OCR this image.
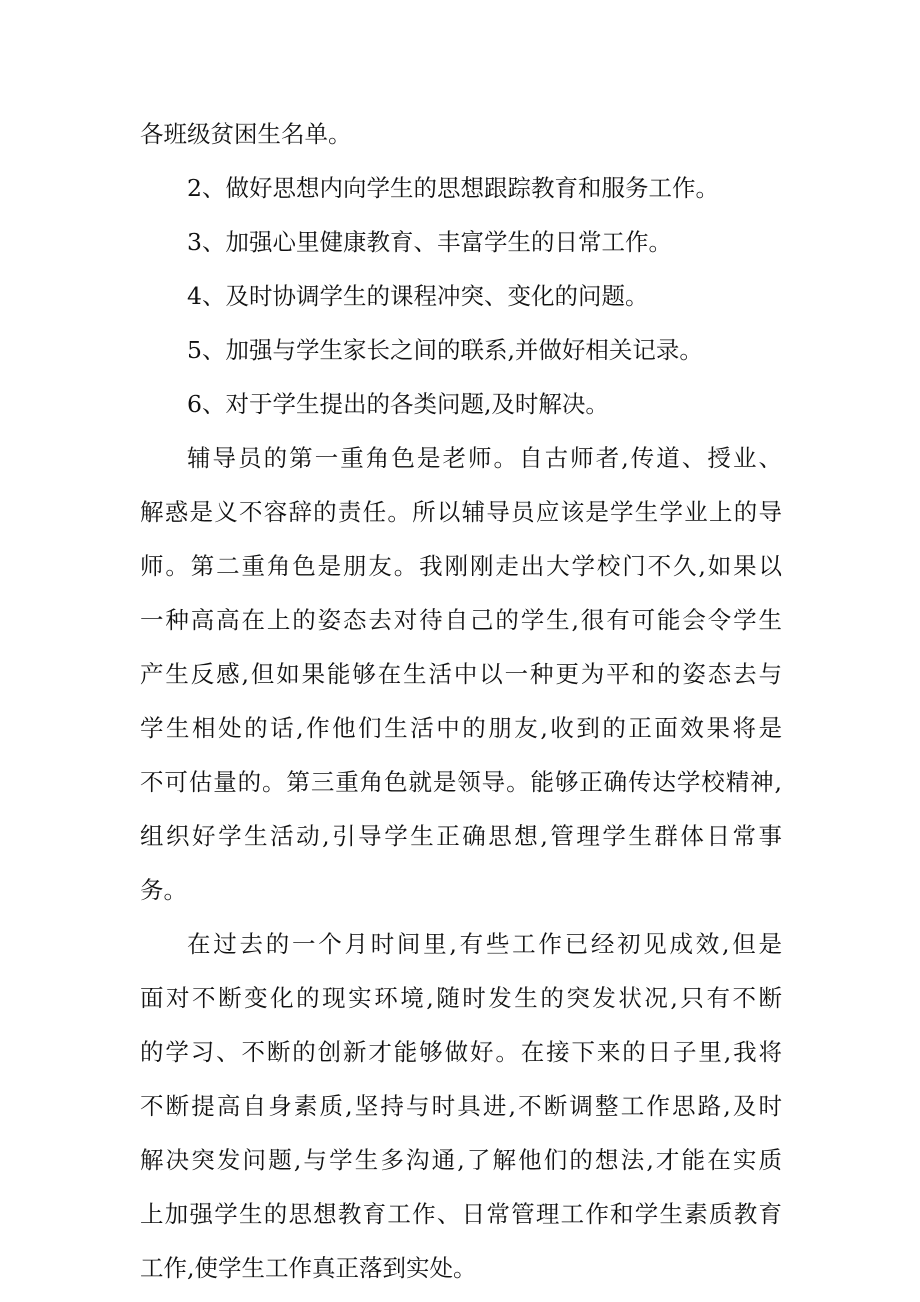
各班级贫困生名单。
2、做好思想内向学生的思想跟踪教育和服务工作。
3、加强心里健康教育、丰富学生的日常工作。
4、及时协调学生的课程冲突、变化的问题。
5、加强与学生家长之间的联系,并做好相关记录。
6、对于学生提出的各类问题,及时解决。
辅导员的第一重角色是老师。自古师者,传道、授业、
解惑是义不容辞的责任。所以辅导员应该是学生学业上的导
师。第二重角色是朋友。我刚刚走出大学校门不久,如果以
一种高高在上的姿态去对待自己的学生,很有可能会令学生
产生反感,但如果能够在生活中以一种更为平和的姿态去与
学生相处的话,作他们生活中的朋友,收到的正面效果将是
不可估量的。第三重角色就是领导。能够正确传达学校精神,
组织好学生活动,引导学生正确思想,管理学生群体日常事
务。
在过去的一个月时间里,有些工作已经初见成效,但是
面对不断变化的现实环境,随时发生的突发状况,只有不断
的学习、不断的创新才能够做好。在接下来的日子里,我将
不断提高自身素质,坚持与时具进,不断调整工作思路,及时
解决突发问题,与学生多沟通,了解他们的想法,才能在实质
上加强学生的思想教育工作、日常管理工作和学生素质教育
工作,使学生工作真正落到实处。
